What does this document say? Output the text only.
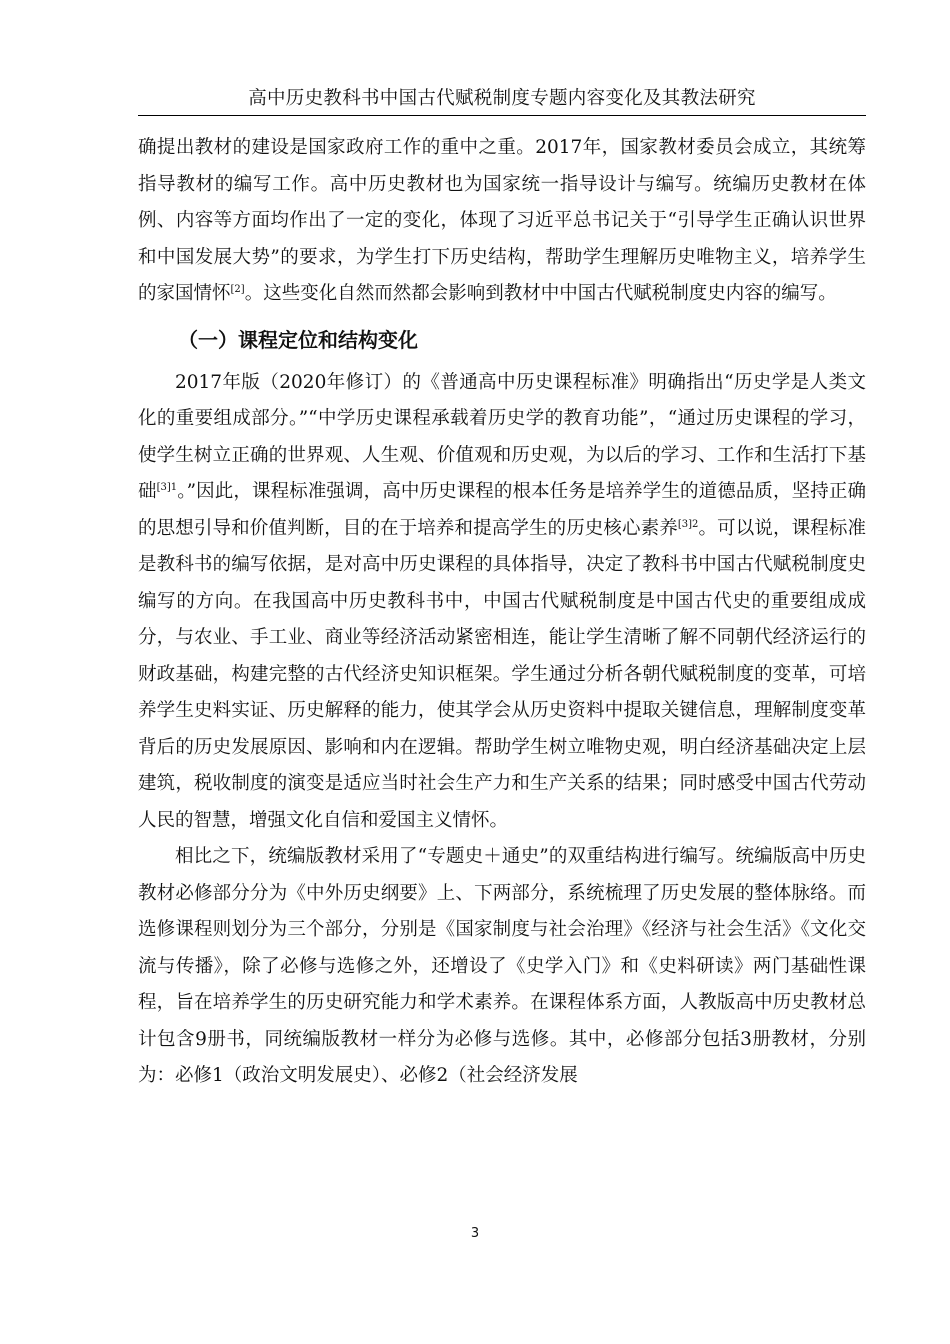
高中历史教科书中国古代赋税制度专题内容变化及其教法研究

确提出教材的建设是国家政府工作的重中之重。2017年，国家教材委员会成立，其统筹指导教材的编写工作。高中历史教材也为国家统一指导设计与编写。统编历史教材在体例、内容等方面均作出了一定的变化，体现了习近平总书记关于“引导学生正确认识世界和中国发展大势”的要求，为学生打下历史结构，帮助学生理解历史唯物主义，培养学生的家国情怀[2]。这些变化自然而然都会影响到教材中中国古代赋税制度史内容的编写。

（一）课程定位和结构变化

2017年版（2020年修订）的《普通高中历史课程标准》明确指出“历史学是人类文化的重要组成部分。”“中学历史课程承载着历史学的教育功能”，“通过历史课程的学习，使学生树立正确的世界观、人生观、价值观和历史观，为以后的学习、工作和生活打下基础$^{[3]1}$。”因此，课程标准强调，高中历史课程的根本任务是培养学生的道德品质，坚持正确的思想引导和价值判断，目的在于培养和提高学生的历史核心素养$^{[3]2}$。可以说，课程标准是教科书的编写依据，是对高中历史课程的具体指导，决定了教科书中国古代赋税制度史编写的方向。在我国高中历史教科书中，中国古代赋税制度是中国古代史的重要组成成分，与农业、手工业、商业等经济活动紧密相连，能让学生清晰了解不同朝代经济运行的财政基础，构建完整的古代经济史知识框架。学生通过分析各朝代赋税制度的变革，可培养学生史料实证、历史解释的能力，使其学会从历史资料中提取关键信息，理解制度变革背后的历史发展原因、影响和内在逻辑。帮助学生树立唯物史观，明白经济基础决定上层建筑，税收制度的演变是适应当时社会生产力和生产关系的结果；同时感受中国古代劳动人民的智慧，增强文化自信和爱国主义情怀。

相比之下，统编版教材采用了“专题史＋通史”的双重结构进行编写。统编版高中历史教材必修部分分为《中外历史纲要》上、下两部分，系统梳理了历史发展的整体脉络。而选修课程则划分为三个部分，分别是《国家制度与社会治理》《经济与社会生活》《文化交流与传播》，除了必修与选修之外，还增设了《史学入门》和《史料研读》两门基础性课程，旨在培养学生的历史研究能力和学术素养。在课程体系方面，人教版高中历史教材总计包含9册书，同统编版教材一样分为必修与选修。其中，必修部分包括3册教材，分别为：必修1（政治文明发展史）、必修2（社会经济发展

3
